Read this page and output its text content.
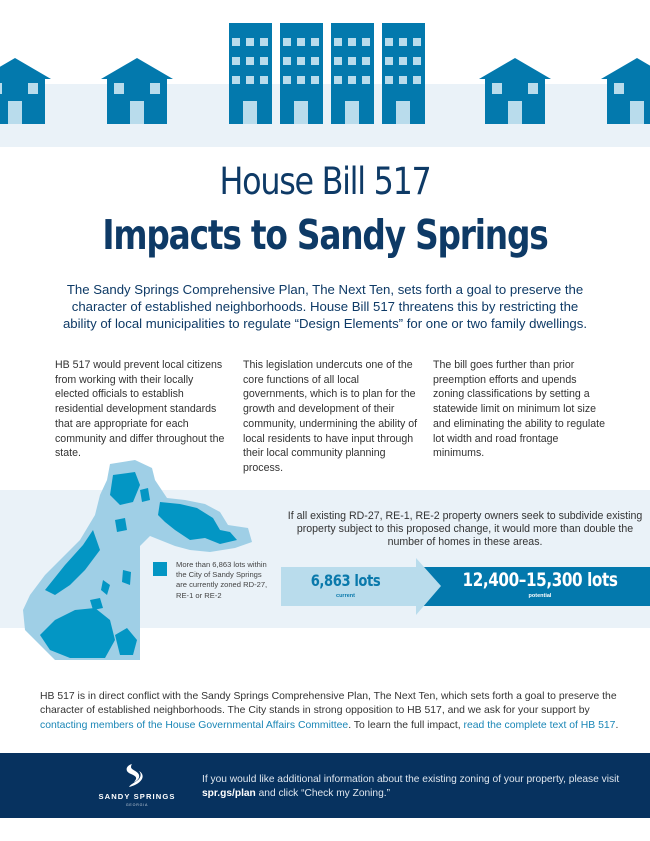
House Bill 517
Impacts to Sandy Springs

The Sandy Springs Comprehensive Plan, The Next Ten, sets forth a goal to preserve the character of established neighborhoods. House Bill 517 threatens this by restricting the ability of local municipalities to regulate “Design Elements” for one or two family dwellings.

HB 517 would prevent local citizens from working with their locally elected officials to establish residential development standards that are appropriate for each community and differ throughout the state.

This legislation undercuts one of the core functions of all local governments, which is to plan for the growth and development of their community, undermining the ability of local residents to have input through their local community planning process.

The bill goes further than prior preemption efforts and upends zoning classifications by setting a statewide limit on minimum lot size and eliminating the ability to regulate lot width and road frontage minimums.

More than 6,863 lots within the City of Sandy Springs are currently zoned RD-27, RE-1 or RE-2

If all existing RD-27, RE-1, RE-2 property owners seek to subdivide existing property subject to this proposed change, it would more than double the number of homes in these areas.

6,863 lots
current
12,400–15,300 lots
potential

HB 517 is in direct conflict with the Sandy Springs Comprehensive Plan, The Next Ten, which sets forth a goal to preserve the character of established neighborhoods. The City stands in strong opposition to HB 517, and we ask for your support by contacting members of the House Governmental Affairs Committee. To learn the full impact, read the complete text of HB 517.

SANDY SPRINGS
GEORGIA

If you would like additional information about the existing zoning of your property, please visit spr.gs/plan and click “Check my Zoning.”
